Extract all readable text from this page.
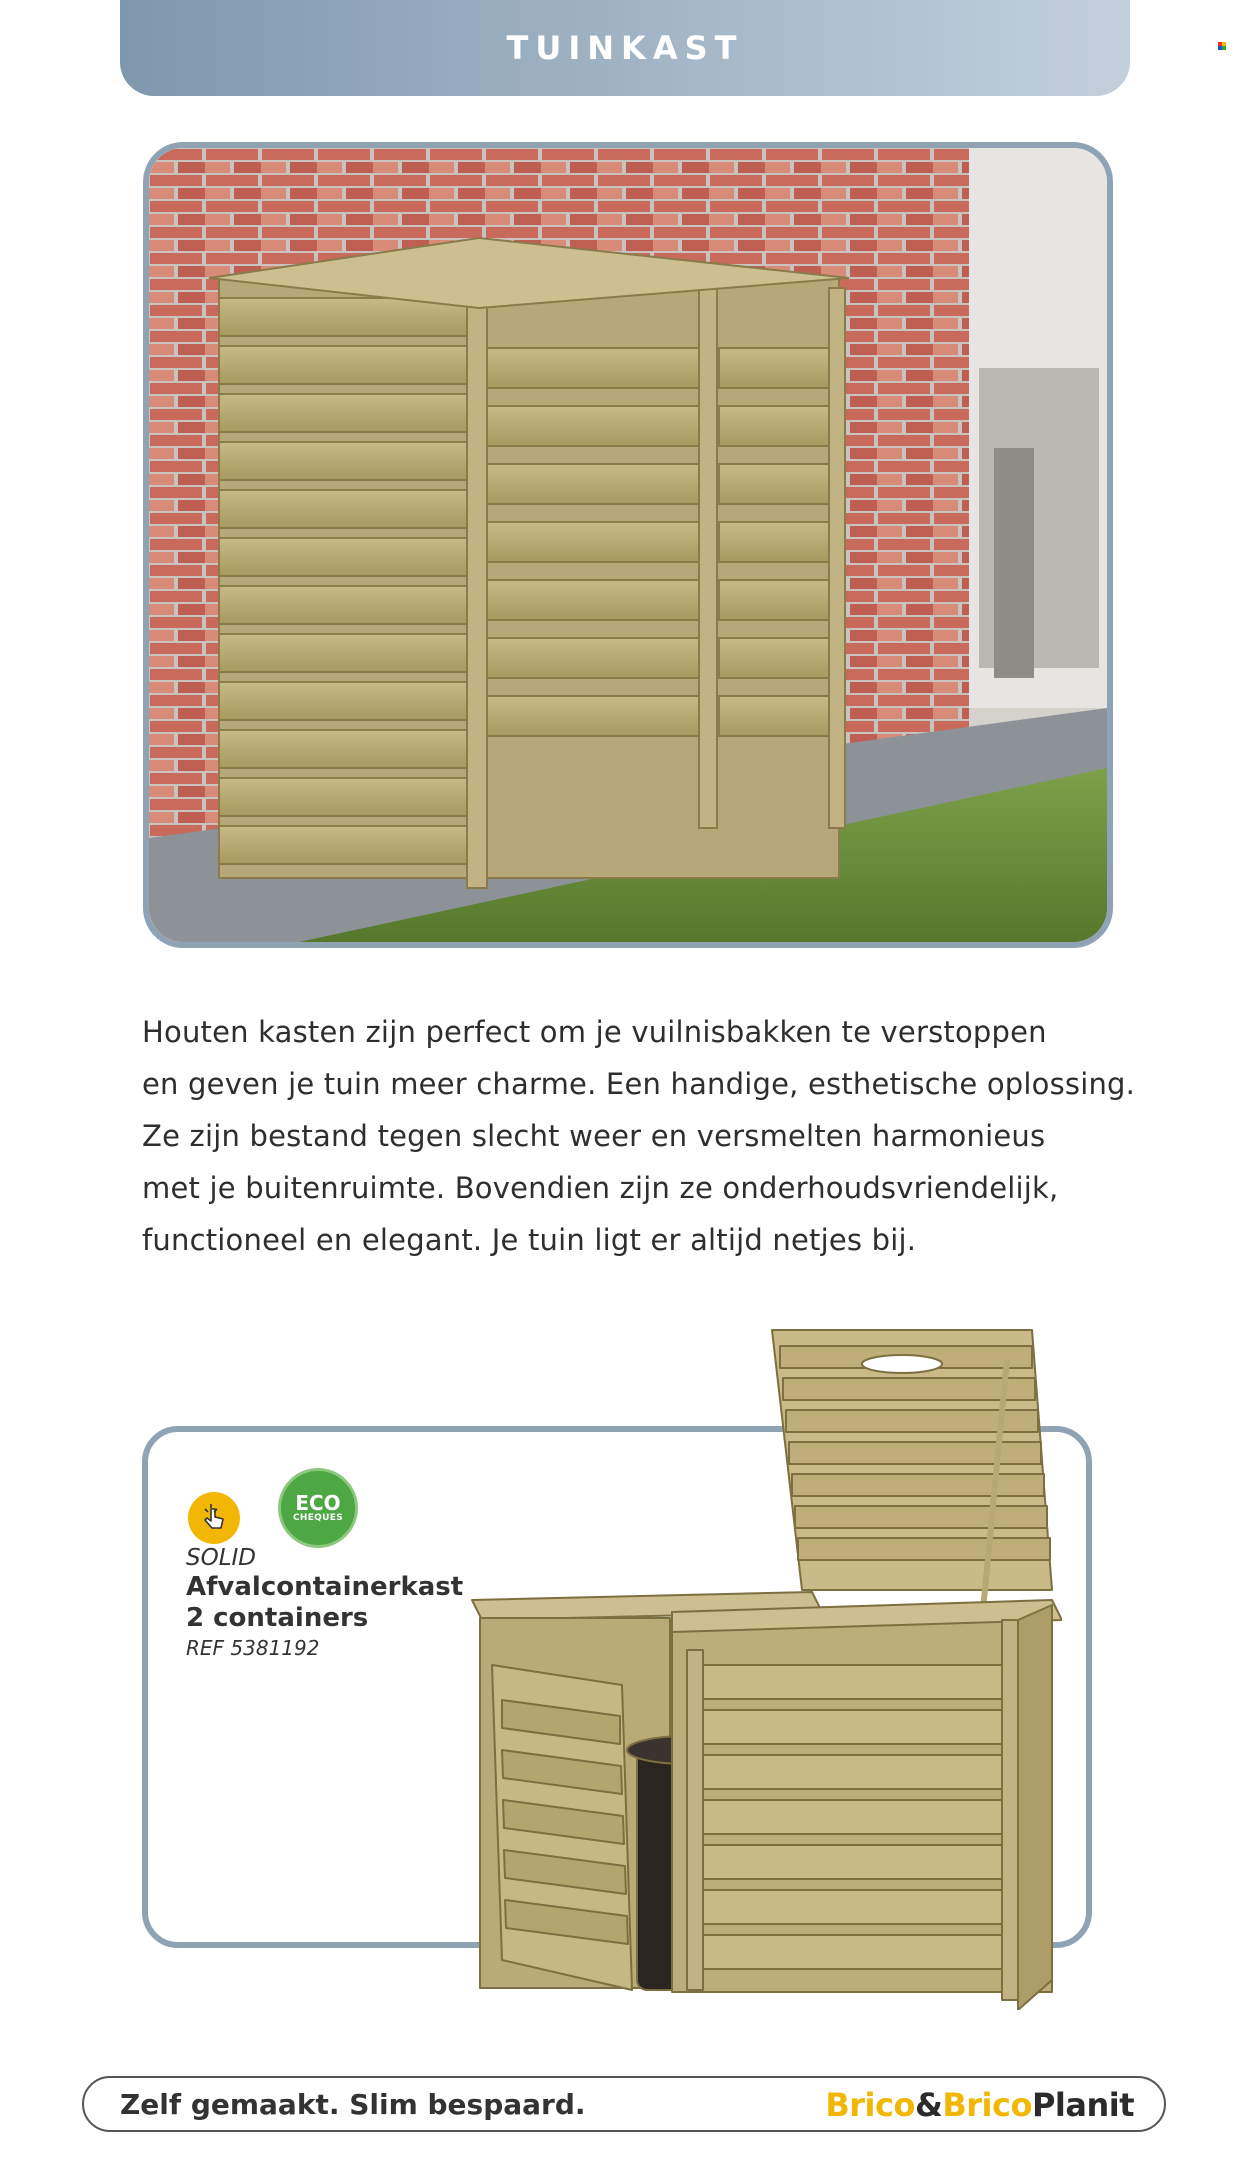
TUINKAST

Houten kasten zijn perfect om je vuilnisbakken te verstoppen

en geven je tuin meer charme. Een handige, esthetische oplossing.

Ze zijn bestand tegen slecht weer en versmelten harmonieus

met je buitenruimte. Bovendien zijn ze onderhoudsvriendelijk,

functioneel en elegant. Je tuin ligt er altijd netjes bij.

ECO
CHEQUES
SOLID
Afvalcontainerkast
2 containers
REF 5381192
Zelf gemaakt. Slim bespaard.	Brico&BricoPlanit
